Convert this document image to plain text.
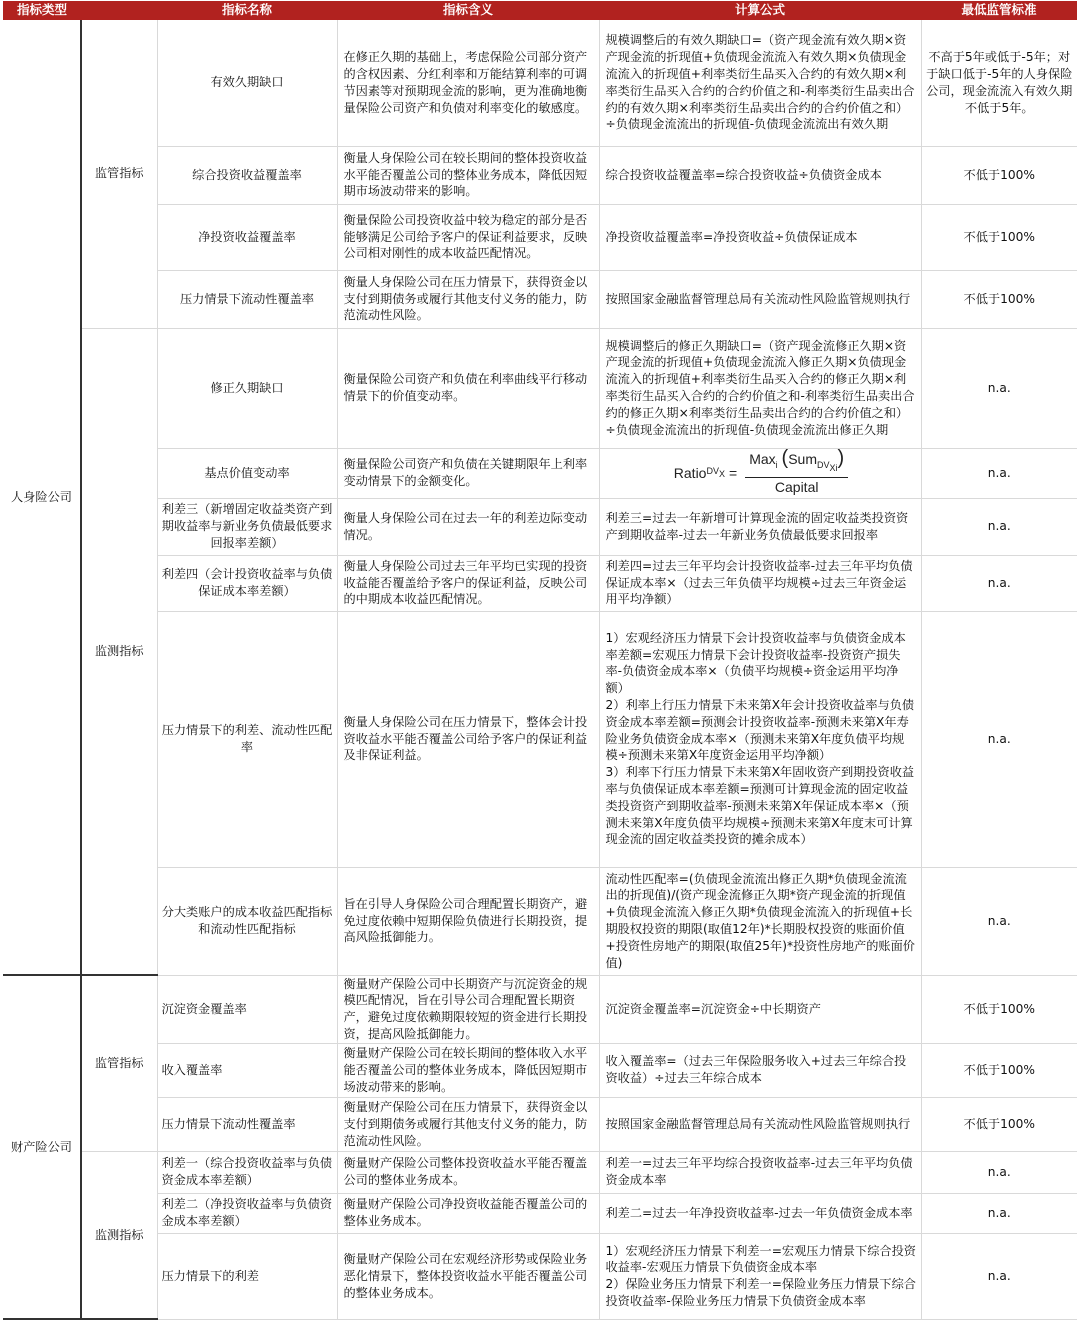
指标类型		指标名称	指标含义	计算公式	最低监管标准
人身险公司	监管指标	有效久期缺口	在修正久期的基础上，考虑保险公司部分资产的含权因素、分红利率和万能结算利率的可调节因素等对预期现金流的影响，更为准确地衡量保险公司资产和负债对利率变化的敏感度。	规模调整后的有效久期缺口=（资产现金流有效久期×资产现金流的折现值+负债现金流流入有效久期×负债现金流流入的折现值+利率类衍生品买入合约的有效久期×利率类衍生品买入合约的合约价值之和-利率类衍生品卖出合约的有效久期×利率类衍生品卖出合约的合约价值之和）÷负债现金流流出的折现值-负债现金流流出有效久期	不高于5年或低于-5年；对于缺口低于-5年的人身保险公司，现金流流入有效久期不低于5年。
		综合投资收益覆盖率	衡量人身保险公司在较长期间的整体投资收益水平能否覆盖公司的整体业务成本，降低因短期市场波动带来的影响。	综合投资收益覆盖率=综合投资收益÷负债资金成本	不低于100%
		净投资收益覆盖率	衡量保险公司投资收益中较为稳定的部分是否能够满足公司给予客户的保证利益要求，反映公司相对刚性的成本收益匹配情况。	净投资收益覆盖率=净投资收益÷负债保证成本	不低于100%
		压力情景下流动性覆盖率	衡量人身保险公司在压力情景下，获得资金以支付到期债务或履行其他支付义务的能力，防范流动性风险。	按照国家金融监督管理总局有关流动性风险监管规则执行	不低于100%
	监测指标	修正久期缺口	衡量保险公司资产和负债在利率曲线平行移动情景下的价值变动率。	规模调整后的修正久期缺口=（资产现金流修正久期×资产现金流的折现值+负债现金流流入修正久期×负债现金流流入的折现值+利率类衍生品买入合约的修正久期×利率类衍生品买入合约的合约价值之和-利率类衍生品卖出合约的修正久期×利率类衍生品卖出合约的合约价值之和）÷负债现金流流出的折现值-负债现金流流出修正久期	n.a.
		基点价值变动率	衡量保险公司资产和负债在关键期限年上利率变动情景下的金额变化。	Ratio $DV_X = \frac{Max_i (Sum_{DV_{Xi}})}{\text{Capital}}$	n.a.
		利差三（新增固定收益类资产到期收益率与新业务负债最低要求回报率差额）	衡量人身保险公司在过去一年的利差边际变动情况。	利差三=过去一年新增可计算现金流的固定收益类投资资产到期收益率-过去一年新业务负债最低要求回报率	n.a.
		利差四（会计投资收益率与负债保证成本率差额）	衡量人身保险公司过去三年平均已实现的投资收益能否覆盖给予客户的保证利益，反映公司的中期成本收益匹配情况。	利差四=过去三年平均会计投资收益率-过去三年平均负债保证成本率×（过去三年负债平均规模÷过去三年资金运用平均净额）	n.a.
		压力情景下的利差、流动性匹配率	衡量人身保险公司在压力情景下，整体会计投资收益水平能否覆盖公司给予客户的保证利益及非保证利益。	1）宏观经济压力情景下会计投资收益率与负债资金成本率差额=宏观压力情景下会计投资收益率-投资资产损失率-负债资金成本率×（负债平均规模÷资金运用平均净额）
2）利率上行压力情景下未来第X年会计投资收益率与负债资金成本率差额=预测会计投资收益率-预测未来第X年寿险业务负债资金成本率×（预测未来第X年度负债平均规模÷预测未来第X年度资金运用平均净额）
3）利率下行压力情景下未来第X年固收资产到期投资收益率与负债保证成本率差额=预测可计算现金流的固定收益类投资资产到期收益率-预测未来第X年保证成本率×（预测未来第X年度负债平均规模÷预测未来第X年度末可计算现金流的固定收益类投资的摊余成本）	n.a.
		分大类账户的成本收益匹配指标和流动性匹配指标	旨在引导人身保险公司合理配置长期资产，避免过度依赖中短期保险负债进行长期投资，提高风险抵御能力。	流动性匹配率=(负债现金流流出修正久期*负债现金流流出的折现值)/(资产现金流修正久期*资产现金流的折现值+负债现金流流入修正久期*负债现金流流入的折现值+长期股权投资的期限(取值12年)*长期股权投资的账面价值+投资性房地产的期限(取值25年)*投资性房地产的账面价值)	n.a.
财产险公司	监管指标	沉淀资金覆盖率	衡量财产保险公司中长期资产与沉淀资金的规模匹配情况，旨在引导公司合理配置长期资产，避免过度依赖期限较短的资金进行长期投资，提高风险抵御能力。	沉淀资金覆盖率=沉淀资金÷中长期资产	不低于100%
		收入覆盖率	衡量财产保险公司在较长期间的整体收入水平能否覆盖公司的整体业务成本，降低因短期市场波动带来的影响。	收入覆盖率=（过去三年保险服务收入+过去三年综合投资收益）÷过去三年综合成本	不低于100%
		压力情景下流动性覆盖率	衡量财产保险公司在压力情景下，获得资金以支付到期债务或履行其他支付义务的能力，防范流动性风险。	按照国家金融监督管理总局有关流动性风险监管规则执行	不低于100%
	监测指标	利差一（综合投资收益率与负债资金成本率差额）	衡量财产保险公司整体投资收益水平能否覆盖公司的整体业务成本。	利差一=过去三年平均综合投资收益率-过去三年平均负债资金成本率	n.a.
		利差二（净投资收益率与负债资金成本率差额）	衡量财产保险公司净投资收益能否覆盖公司的整体业务成本。	利差二=过去一年净投资收益率-过去一年负债资金成本率	n.a.
		压力情景下的利差	衡量财产保险公司在宏观经济形势或保险业务恶化情景下，整体投资收益水平能否覆盖公司的整体业务成本。	1）宏观经济压力情景下利差一=宏观压力情景下综合投资收益率-宏观压力情景下负债资金成本率
2）保险业务压力情景下利差一=保险业务压力情景下综合投资收益率-保险业务压力情景下负债资金成本率	n.a.
